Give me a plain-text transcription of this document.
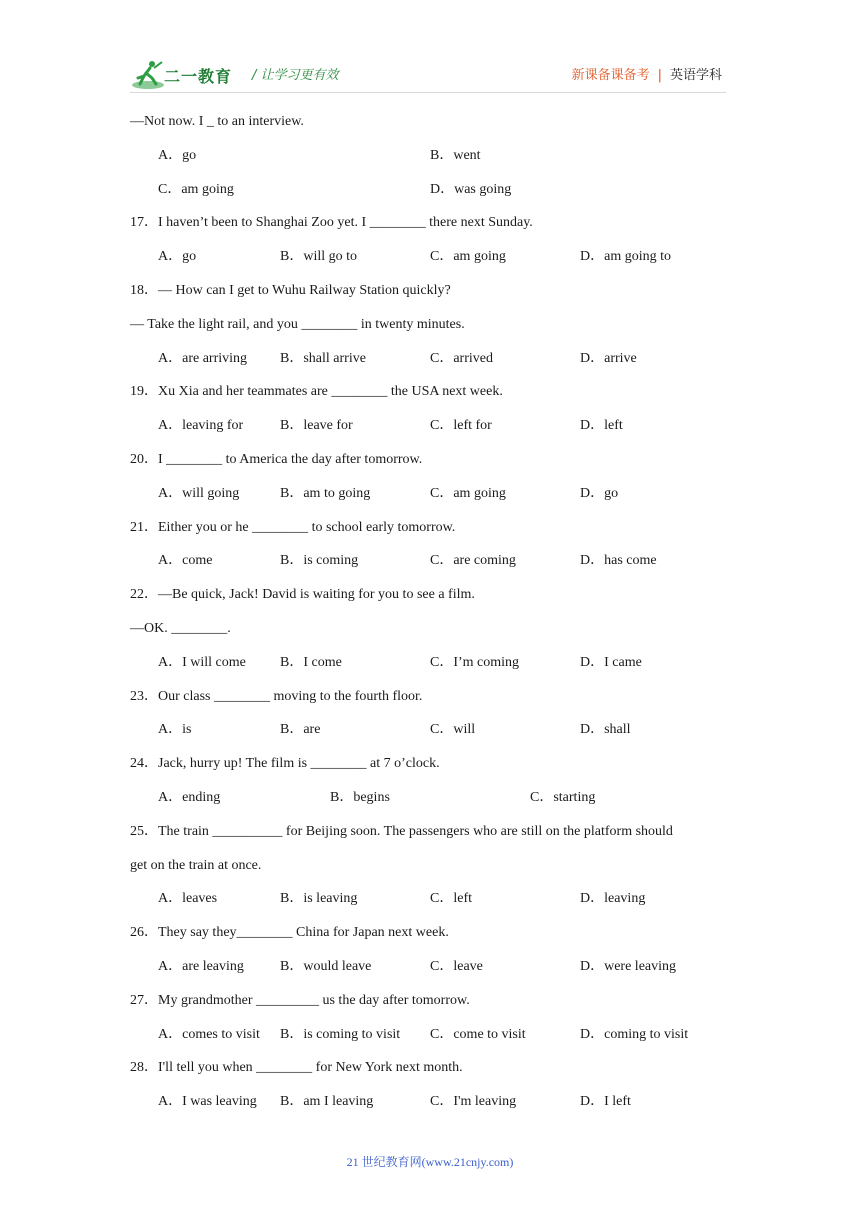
二一教育 / 让学习更有效	新课备课备考 | 英语学科
—Not now. I _ to an interview.
A．go	B．went
C．am going	D．was going
17．I haven’t been to Shanghai Zoo yet. I ________ there next Sunday.
A．go	B．will go to	C．am going	D．am going to
18．— How can I get to Wuhu Railway Station quickly?
— Take the light rail, and you ________ in twenty minutes.
A．are arriving B．shall arrive	C．arrived	D．arrive
19．Xu Xia and her teammates are ________ the USA next week.
A．leaving for	B．leave for	C．left for	D．left
20．I ________ to America the day after tomorrow.
A．will going	B．am to going	C．am going	D．go
21．Either you or he ________ to school early tomorrow.
A．come	B．is coming	C．are coming	D．has come
22．—Be quick, Jack! David is waiting for you to see a film.
—OK. ________.
A．I will come B．I come	C．I’m coming	D．I came
23．Our class ________ moving to the fourth floor.
A．is	B．are	C．will	D．shall
24．Jack, hurry up! The film is ________ at 7 o’clock.
A．ending	B．begins	C．starting
25．The train __________ for Beijing soon. The passengers who are still on the platform should
get on the train at once.
A．leaves	B．is leaving	C．left	D．leaving
26．They say they________ China for Japan next week.
A．are leaving	B．would leave	C．leave	D．were leaving
27．My grandmother _________ us the day after tomorrow.
A．comes to visit B．is coming to visit C．come to visit	D．coming to visit
28．I'll tell you when ________ for New York next month.
A．I was leaving B．am I leaving	C．I'm leaving	D．I left
21 世纪教育网(www.21cnjy.com)
